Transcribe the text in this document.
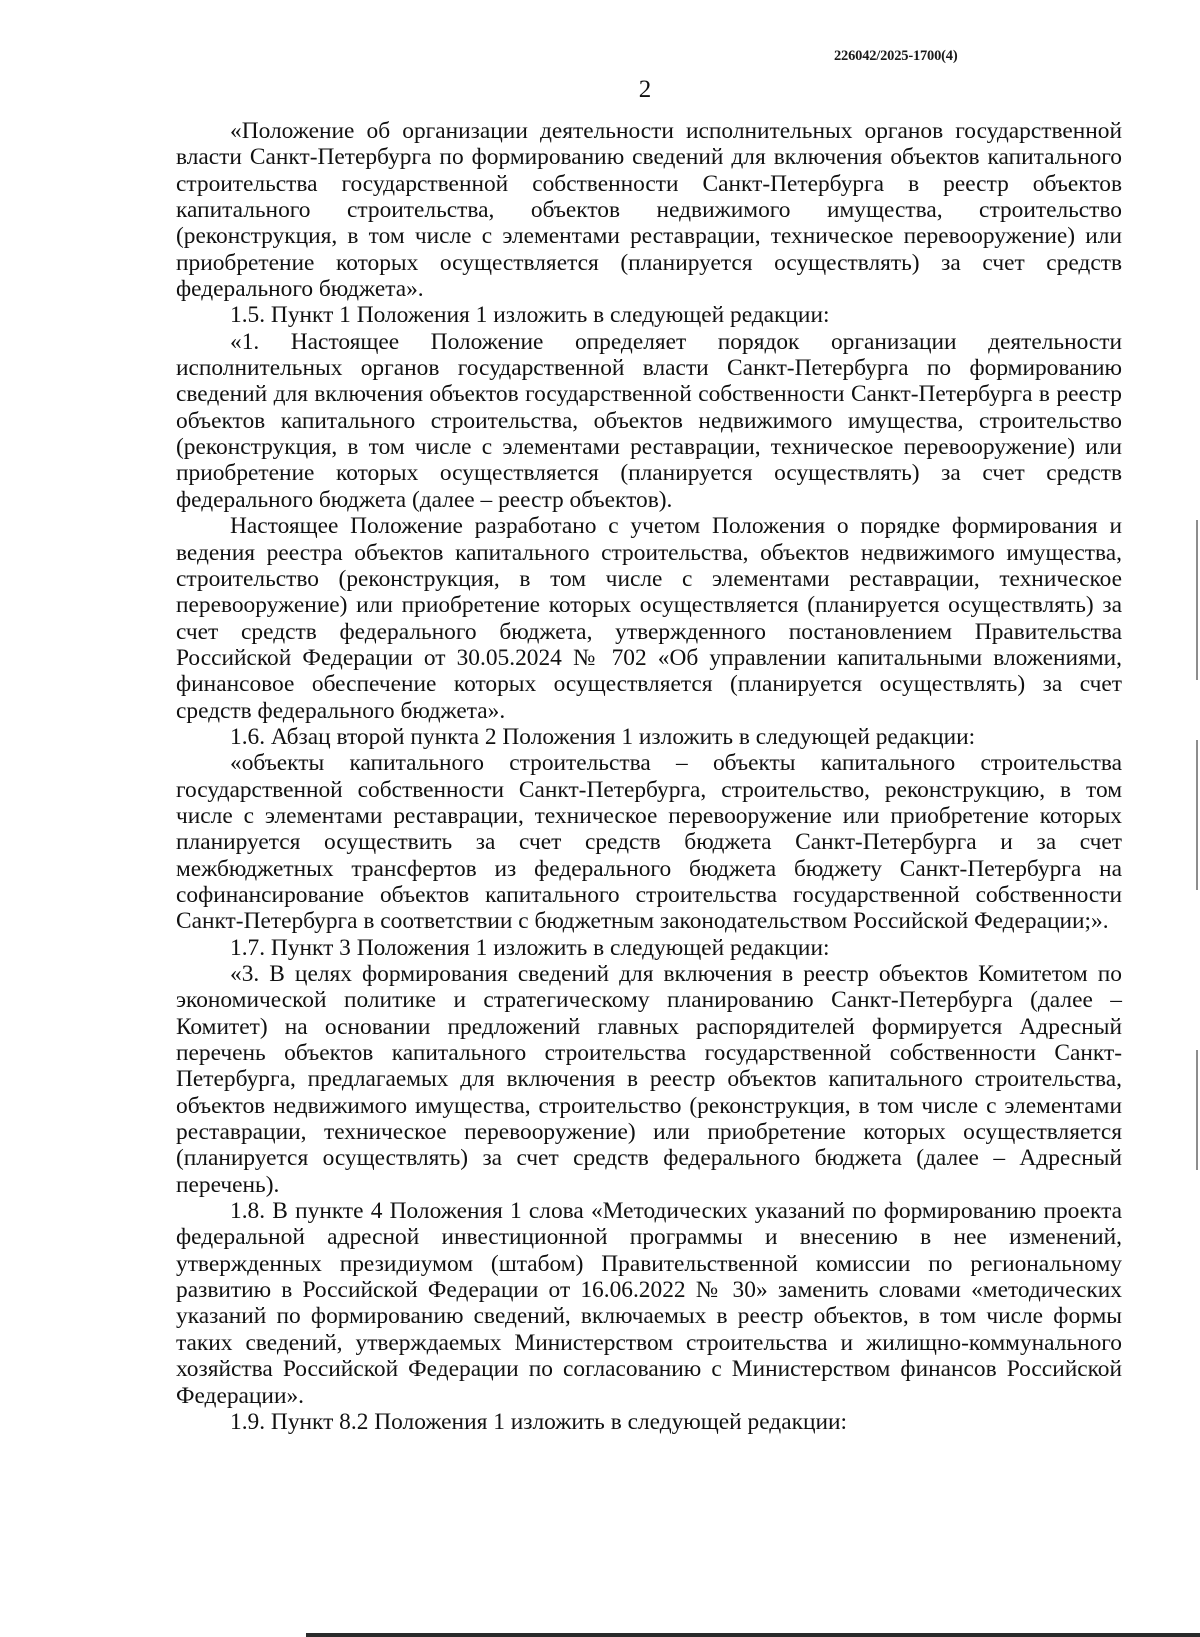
226042/2025-1700(4)
2

«Положение об организации деятельности исполнительных органов государственной власти Санкт-Петербурга по формированию сведений для включения объектов капитального строительства государственной собственности Санкт-Петербурга в реестр объектов капитального строительства, объектов недвижимого имущества, строительство (реконструкция, в том числе с элементами реставрации, техническое перевооружение) или приобретение которых осуществляется (планируется осуществлять) за счет средств федерального бюджета».

1.5. Пункт 1 Положения 1 изложить в следующей редакции:

«1. Настоящее Положение определяет порядок организации деятельности исполнительных органов государственной власти Санкт-Петербурга по формированию сведений для включения объектов государственной собственности Санкт-Петербурга в реестр объектов капитального строительства, объектов недвижимого имущества, строительство (реконструкция, в том числе с элементами реставрации, техническое перевооружение) или приобретение которых осуществляется (планируется осуществлять) за счет средств федерального бюджета (далее – реестр объектов).

Настоящее Положение разработано с учетом Положения о порядке формирования и ведения реестра объектов капитального строительства, объектов недвижимого имущества, строительство (реконструкция, в том числе с элементами реставрации, техническое перевооружение) или приобретение которых осуществляется (планируется осуществлять) за счет средств федерального бюджета, утвержденного постановлением Правительства Российской Федерации от 30.05.2024 № 702 «Об управлении капитальными вложениями, финансовое обеспечение которых осуществляется (планируется осуществлять) за счет средств федерального бюджета».

1.6. Абзац второй пункта 2 Положения 1 изложить в следующей редакции:

«объекты капитального строительства – объекты капитального строительства государственной собственности Санкт-Петербурга, строительство, реконструкцию, в том числе с элементами реставрации, техническое перевооружение или приобретение которых планируется осуществить за счет средств бюджета Санкт-Петербурга и за счет межбюджетных трансфертов из федерального бюджета бюджету Санкт-Петербурга на софинансирование объектов капитального строительства государственной собственности Санкт-Петербурга в соответствии с бюджетным законодательством Российской Федерации;».

1.7. Пункт 3 Положения 1 изложить в следующей редакции:

«3. В целях формирования сведений для включения в реестр объектов Комитетом по экономической политике и стратегическому планированию Санкт-Петербурга (далее – Комитет) на основании предложений главных распорядителей формируется Адресный перечень объектов капитального строительства государственной собственности Санкт-Петербурга, предлагаемых для включения в реестр объектов капитального строительства, объектов недвижимого имущества, строительство (реконструкция, в том числе с элементами реставрации, техническое перевооружение) или приобретение которых осуществляется (планируется осуществлять) за счет средств федерального бюджета (далее – Адресный перечень).

1.8. В пункте 4 Положения 1 слова «Методических указаний по формированию проекта федеральной адресной инвестиционной программы и внесению в нее изменений, утвержденных президиумом (штабом) Правительственной комиссии по региональному развитию в Российской Федерации от 16.06.2022 № 30» заменить словами «методических указаний по формированию сведений, включаемых в реестр объектов, в том числе формы таких сведений, утверждаемых Министерством строительства и жилищно-коммунального хозяйства Российской Федерации по согласованию с Министерством финансов Российской Федерации».

1.9. Пункт 8.2 Положения 1 изложить в следующей редакции:
